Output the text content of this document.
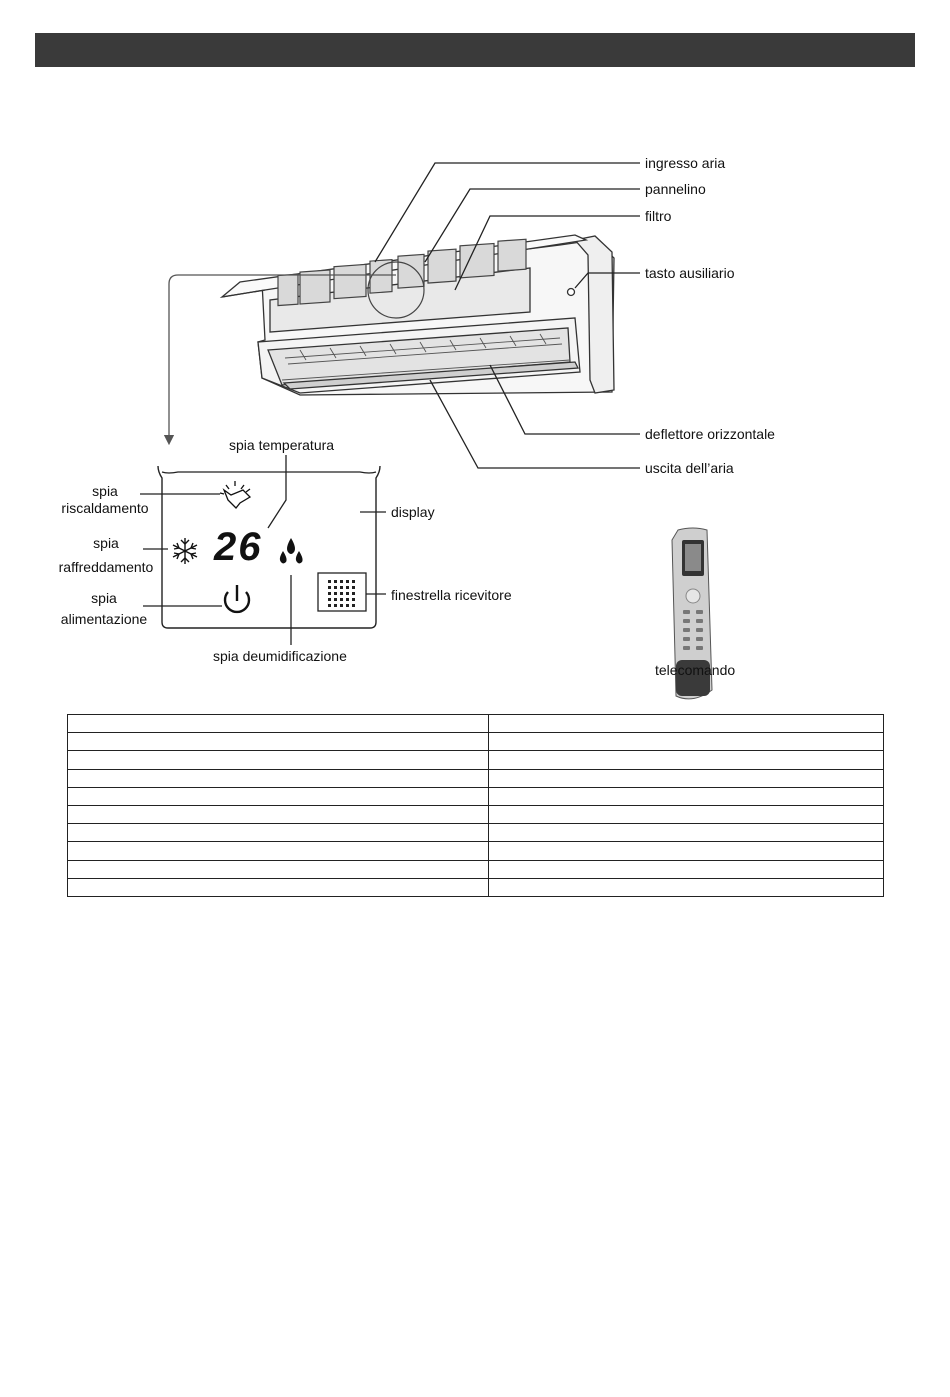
26
ingresso aria
pannelino
filtro
tasto ausiliario
deflettore orizzontale
uscita dell’aria
spia temperatura
spia
riscaldamento
spia
raffreddamento
spia
alimentazione
display
finestrella ricevitore
spia deumidificazione
telecomando
